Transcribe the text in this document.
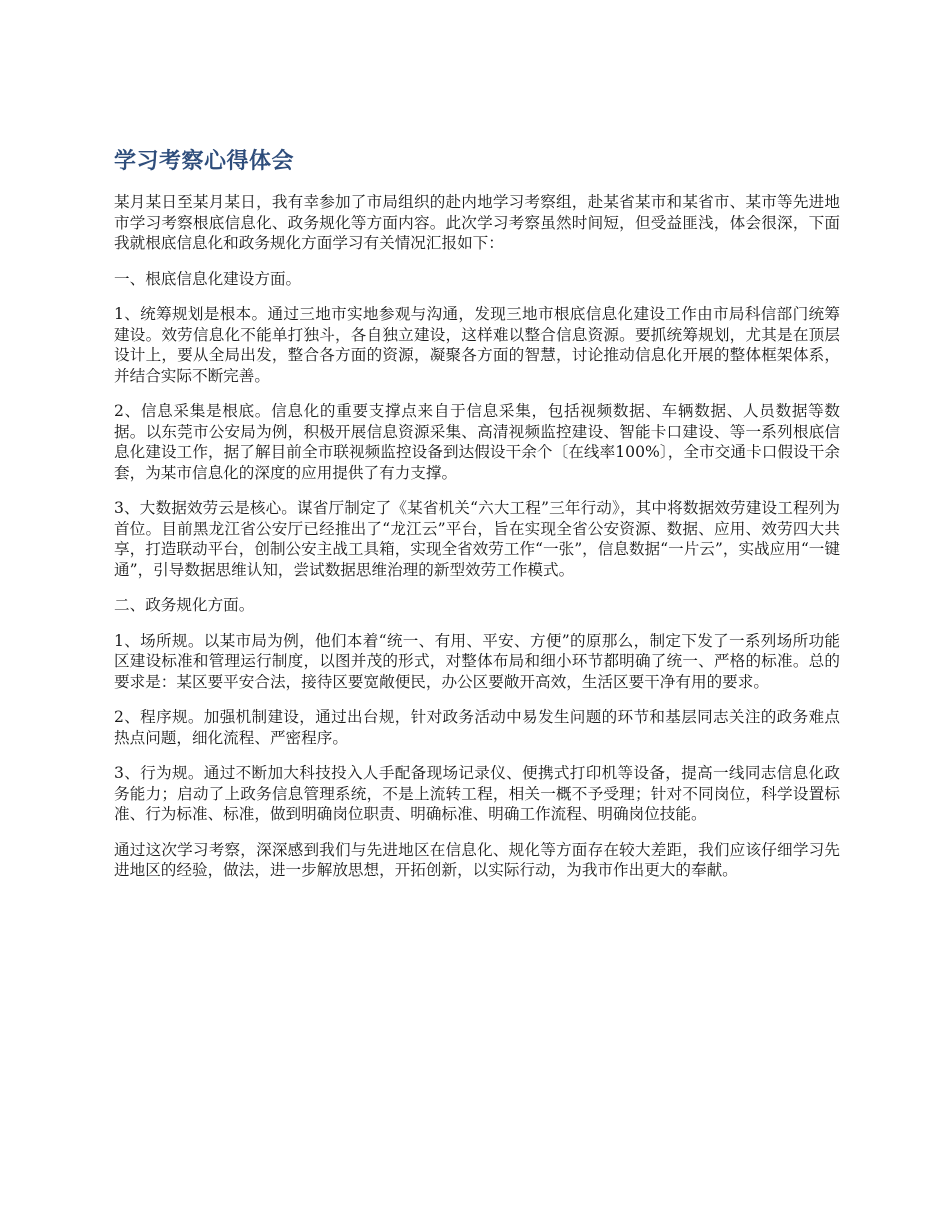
学习考察心得体会

某月某日至某月某日，我有幸参加了市局组织的赴内地学习考察组，赴某省某市和某省市、某市等先进地市学习考察根底信息化、政务规化等方面内容。此次学习考察虽然时间短，但受益匪浅，体会很深，下面我就根底信息化和政务规化方面学习有关情况汇报如下：

一、根底信息化建设方面。

1、统筹规划是根本。通过三地市实地参观与沟通，发现三地市根底信息化建设工作由市局科信部门统筹建设。效劳信息化不能单打独斗，各自独立建设，这样难以整合信息资源。要抓统筹规划，尤其是在顶层设计上，要从全局出发，整合各方面的资源，凝聚各方面的智慧，讨论推动信息化开展的整体框架体系，并结合实际不断完善。

2、信息采集是根底。信息化的重要支撑点来自于信息采集，包括视频数据、车辆数据、人员数据等数据。以东莞市公安局为例，积极开展信息资源采集、高清视频监控建设、智能卡口建设、等一系列根底信息化建设工作，据了解目前全市联视频监控设备到达假设干余个〔在线率100%〕，全市交通卡口假设干余套，为某市信息化的深度的应用提供了有力支撑。

3、大数据效劳云是核心。谋省厅制定了《某省机关“六大工程”三年行动》，其中将数据效劳建设工程列为首位。目前黑龙江省公安厅已经推出了“龙江云”平台，旨在实现全省公安资源、数据、应用、效劳四大共享，打造联动平台，创制公安主战工具箱，实现全省效劳工作“一张”，信息数据“一片云”，实战应用“一键通”，引导数据思维认知，尝试数据思维治理的新型效劳工作模式。

二、政务规化方面。

1、场所规。以某市局为例，他们本着“统一、有用、平安、方便”的原那么，制定下发了一系列场所功能区建设标准和管理运行制度，以图并茂的形式，对整体布局和细小环节都明确了统一、严格的标准。总的要求是：某区要平安合法，接待区要宽敞便民，办公区要敞开高效，生活区要干净有用的要求。

2、程序规。加强机制建设，通过出台规，针对政务活动中易发生问题的环节和基层同志关注的政务难点热点问题，细化流程、严密程序。

3、行为规。通过不断加大科技投入人手配备现场记录仪、便携式打印机等设备，提高一线同志信息化政务能力；启动了上政务信息管理系统，不是上流转工程，相关一概不予受理；针对不同岗位，科学设置标准、行为标准、标准，做到明确岗位职责、明确标准、明确工作流程、明确岗位技能。

通过这次学习考察，深深感到我们与先进地区在信息化、规化等方面存在较大差距，我们应该仔细学习先进地区的经验，做法，进一步解放思想，开拓创新，以实际行动，为我市作出更大的奉献。
